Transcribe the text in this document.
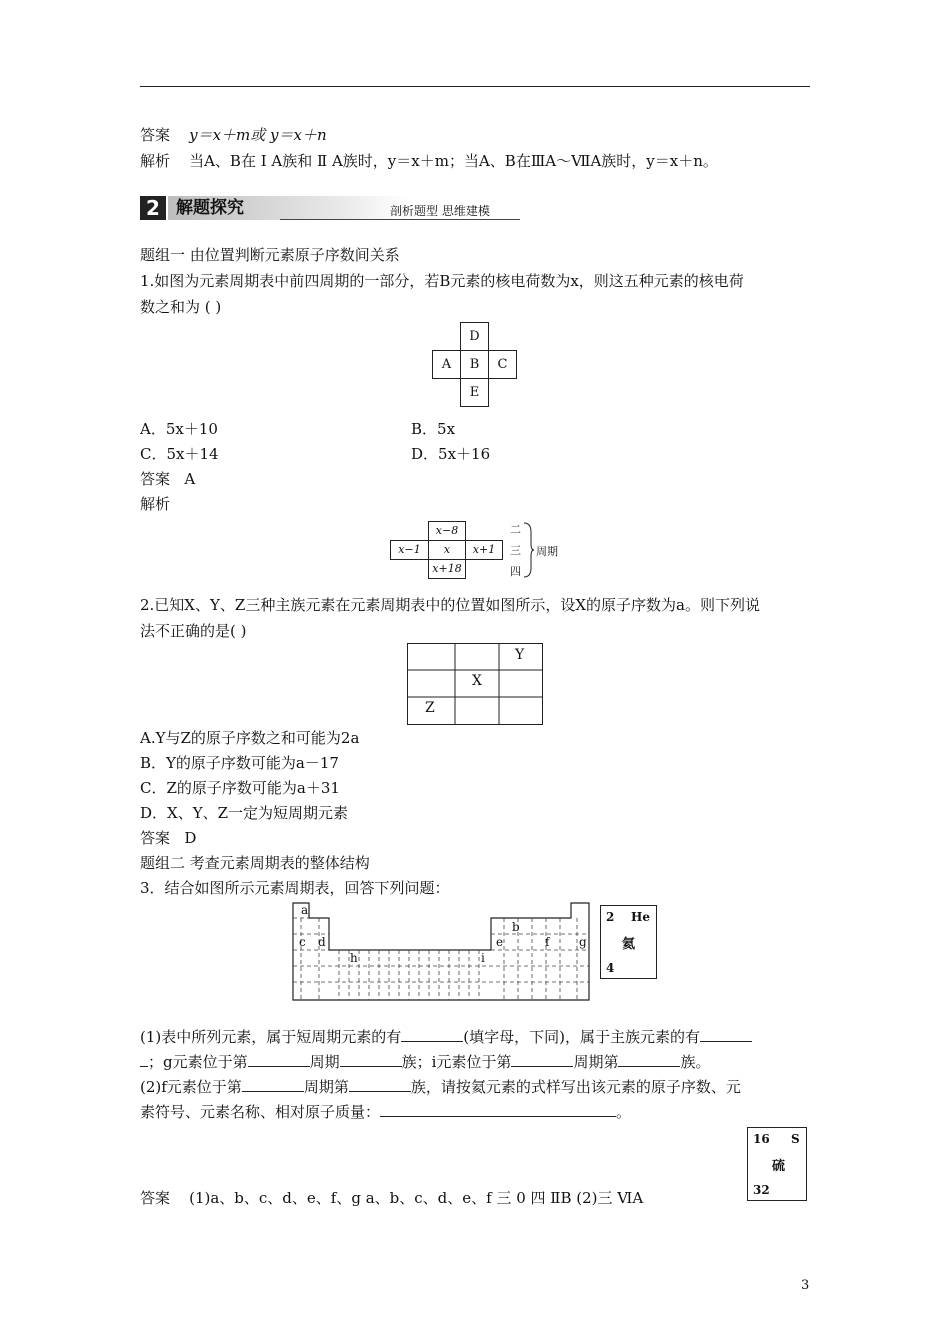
答案 y＝x＋m或 y＝x＋n
解析 当A、B在 Ⅰ A族和 Ⅱ A族时，y＝x＋m；当A、B在ⅢA～ⅦA族时，y＝x＋n。
2 解题探究	剖析题型 思维建模
题组一 由位置判断元素原子序数间关系
1.如图为元素周期表中前四周期的一部分，若B元素的核电荷数为x，则这五种元素的核电荷
数之和为 ( )
D
A	B	C
E
A．5x＋10	B．5x
C．5x＋14	D．5x＋16
答案 A
解析
x−8
x−1	x	x+1
x+18
二
三
四
周期
2.已知X、Y、Z三种主族元素在元素周期表中的位置如图所示，设X的原子序数为a。则下列说
法不正确的是( )
Y
X
Z
A.Y与Z的原子序数之和可能为2a
B．Y的原子序数可能为a－17
C．Z的原子序数可能为a＋31
D．X、Y、Z一定为短周期元素
答案 D
题组二 考查元素周期表的整体结构
3．结合如图所示元素周期表，回答下列问题：
a
b
c d	e	f g
h	i
2 He
氦
4
(1)表中所列元素，属于短周期元素的有	(填字母，下同)，属于主族元素的有
；g元素位于第	周期	族；i元素位于第	周期第	族。
(2)f元素位于第	周期第	族，请按氦元素的式样写出该元素的原子序数、元
素符号、元素名称、相对原子质量：	。
答案 (1)a、b、c、d、e、f、g a、b、c、d、e、f 三 0 四 ⅡB (2)三 ⅥA
16 S
硫
32
3
